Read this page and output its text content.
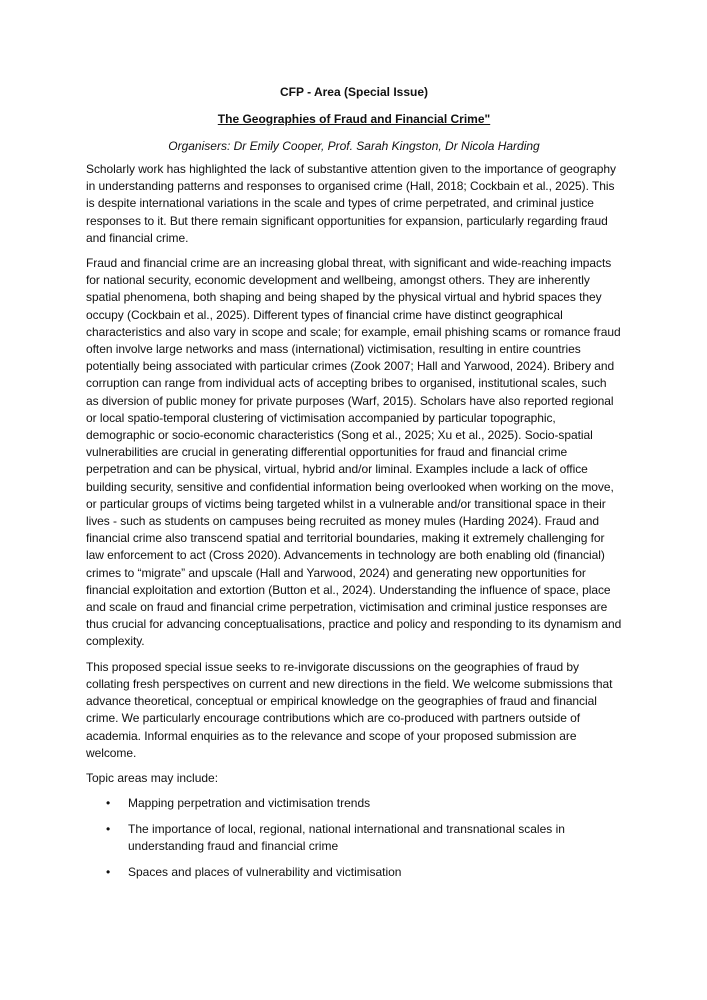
CFP - Area (Special Issue)
The Geographies of Fraud and Financial Crime"
Organisers: Dr Emily Cooper, Prof. Sarah Kingston, Dr Nicola Harding

Scholarly work has highlighted the lack of substantive attention given to the importance of geography in understanding patterns and responses to organised crime (Hall, 2018; Cockbain et al., 2025). This is despite international variations in the scale and types of crime perpetrated, and criminal justice responses to it. But there remain significant opportunities for expansion, particularly regarding fraud and financial crime.

Fraud and financial crime are an increasing global threat, with significant and wide-reaching impacts for national security, economic development and wellbeing, amongst others. They are inherently spatial phenomena, both shaping and being shaped by the physical virtual and hybrid spaces they occupy (Cockbain et al., 2025). Different types of financial crime have distinct geographical characteristics and also vary in scope and scale; for example, email phishing scams or romance fraud often involve large networks and mass (international) victimisation, resulting in entire countries potentially being associated with particular crimes (Zook 2007; Hall and Yarwood, 2024). Bribery and corruption can range from individual acts of accepting bribes to organised, institutional scales, such as diversion of public money for private purposes (Warf, 2015). Scholars have also reported regional or local spatio-temporal clustering of victimisation accompanied by particular topographic, demographic or socio-economic characteristics (Song et al., 2025; Xu et al., 2025). Socio-spatial vulnerabilities are crucial in generating differential opportunities for fraud and financial crime perpetration and can be physical, virtual, hybrid and/or liminal. Examples include a lack of office building security, sensitive and confidential information being overlooked when working on the move, or particular groups of victims being targeted whilst in a vulnerable and/or transitional space in their lives - such as students on campuses being recruited as money mules (Harding 2024). Fraud and financial crime also transcend spatial and territorial boundaries, making it extremely challenging for law enforcement to act (Cross 2020). Advancements in technology are both enabling old (financial) crimes to “migrate” and upscale (Hall and Yarwood, 2024) and generating new opportunities for financial exploitation and extortion (Button et al., 2024). Understanding the influence of space, place and scale on fraud and financial crime perpetration, victimisation and criminal justice responses are thus crucial for advancing conceptualisations, practice and policy and responding to its dynamism and complexity.

This proposed special issue seeks to re-invigorate discussions on the geographies of fraud by collating fresh perspectives on current and new directions in the field. We welcome submissions that advance theoretical, conceptual or empirical knowledge on the geographies of fraud and financial crime. We particularly encourage contributions which are co-produced with partners outside of academia. Informal enquiries as to the relevance and scope of your proposed submission are welcome.

Topic areas may include:

• Mapping perpetration and victimisation trends
• The importance of local, regional, national international and transnational scales in understanding fraud and financial crime
• Spaces and places of vulnerability and victimisation
